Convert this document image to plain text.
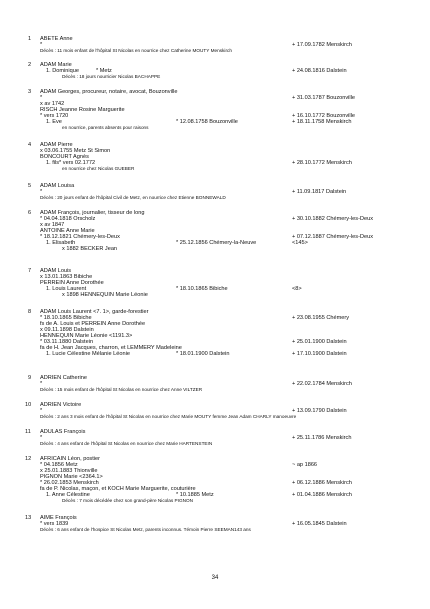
1 ABETE Anne
*	+ 17.09.1782 Menskirch
Décès : 11 mois enfant de l'hôpital St Nicolas en nourrice chez Catherine MOUTY Menskirch
2 ADAM Marie
1. Dominique	* Metz	+ 24.08.1816 Dalstein
Décès : 18 jours nourricier Nicolas BACHAPPE
3 ADAM Georges, procureur, notaire, avocat, Bouzonville
*	+ 31.03.1787 Bouzonville
x av 1742
RISCH Jeanne Rosine Marguerite
* vers 1720	+ 16.10.1772 Bouzonville
1. Eve	* 12.08.1758 Bouzonville	+ 18.11.1758 Menskirch
en nourrice, parents absents pour raisons
4 ADAM Pierre
x 03.06.1755 Metz St Simon
BONCOURT Agnès
1. fils* vers 02.1772	+ 28.10.1772 Menskirch
en nourrice chez Nicolas GUEBER
5 ADAM Louisa
*	+ 11.09.1817 Dalstein
Décès : 20 jours enfant de l'hôpital Civil de Metz, en nourrice chez Etienne BONNEWALD
6 ADAM François, journalier, tisseur de long
* 04.04.1818 Orscholz	+ 30.10.1882 Chémery-les-Deux
x av 1847
ANTOINE Anne Marie
* 18.12.1821 Chémery-les-Deux	+ 07.12.1887 Chémery-les-Deux
1. Elisabeth	* 25.12.1856 Chémery-la-Neuve	<145>
x 1882 BECKER Jean
7 ADAM Louis
x 13.01.1863 Bibiche
PERREIN Anne Dorothée
1. Louis Laurent	* 18.10.1865 Bibiche	<8>
x 1898 HENNEQUIN Marie Léonie
8 ADAM Louis Laurent <7. 1>, garde-forestier
* 18.10.1865 Bibiche	+ 23.08.1955 Chémery
fs de A. Louis et PERREIN Anne Dorothée
x 09.11.1898 Dalstein
HENNEQUIN Marie Léonie <1191.3>
* 03.11.1880 Dalstein	+ 25.01.1900 Dalstein
fa de H. Jean Jacques, charron, et LEMMERY Madeleine
1. Lucie Célestine Mélanie Léonie	* 18.01.1900 Dalstein	+ 17.10.1900 Dalstein
9 ADRIEN Catherine
*	+ 22.02.1784 Menskirch
Décès : 15 mois enfant de l'hôpital St Nicolas en nourrice chez Anne VILTZER
10 ADRIEN Victoire
*	+ 13.09.1790 Dalstein
Décès : 2 ans 3 mois enfant de l'hôpital St Nicolas en nourrice chez Marie MOUTY femme Jean Adam CHARLY manoeuvre
11 ADULAS François
*	+ 25.11.1786 Menskirch
Décès : 4 ans enfant de l'hôpital St Nicolas en nourrice chez Marie HARTENSTEIN
12 AFRICAIN Léon, postier
* 04.1856 Metz	~ ap 1866
x 25.01.1883 Thionville
PIGNON Marie <2364.1>
* 26.02.1853 Menskirch	+ 06.12.1886 Menskirch
fa de P. Nicolas, maçon, et KOCH Marie Marguerite, couturière
1. Anne Célestine	* 10.1885 Metz	+ 01.04.1886 Menskirch
Décès : 7 mois décédée chez son grand-père Nicolas PIGNON
13 AIME François
* vers 1839	+ 16.05.1845 Dalstein
Décès : 6 ans enfant de l'hospice St Nicolas Metz, parents inconnus. Témoin Pierre SEEMAN143 ans
34
